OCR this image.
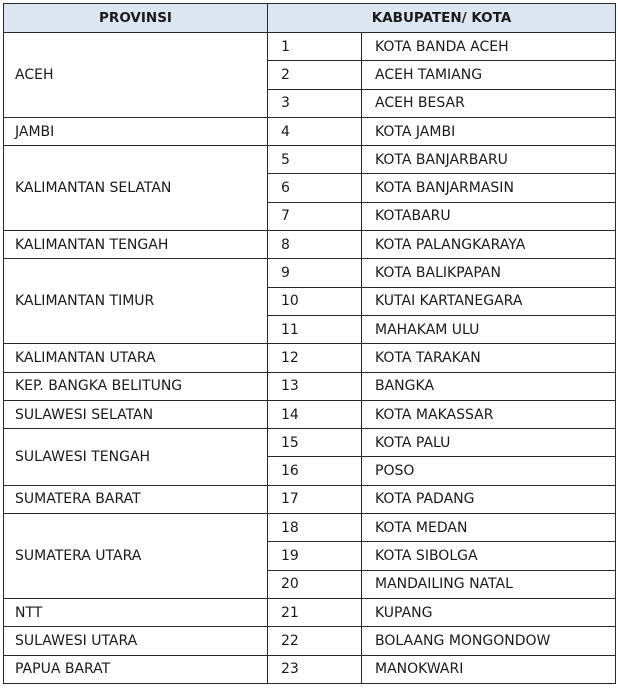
PROVINSI	KABUPATEN/ KOTA	
ACEH	1	KOTA BANDA ACEH
	2	ACEH TAMIANG
	3	ACEH BESAR
JAMBI	4	KOTA JAMBI
KALIMANTAN SELATAN	5	KOTA BANJARBARU
	6	KOTA BANJARMASIN
	7	KOTABARU
KALIMANTAN TENGAH	8	KOTA PALANGKARAYA
KALIMANTAN TIMUR	9	KOTA BALIKPAPAN
	10	KUTAI KARTANEGARA
	11	MAHAKAM ULU
KALIMANTAN UTARA	12	KOTA TARAKAN
KEP. BANGKA BELITUNG	13	BANGKA
SULAWESI SELATAN	14	KOTA MAKASSAR
SULAWESI TENGAH	15	KOTA PALU
	16	POSO
SUMATERA BARAT	17	KOTA PADANG
SUMATERA UTARA	18	KOTA MEDAN
	19	KOTA SIBOLGA
	20	MANDAILING NATAL
NTT	21	KUPANG
SULAWESI UTARA	22	BOLAANG MONGONDOW
PAPUA BARAT	23	MANOKWARI
